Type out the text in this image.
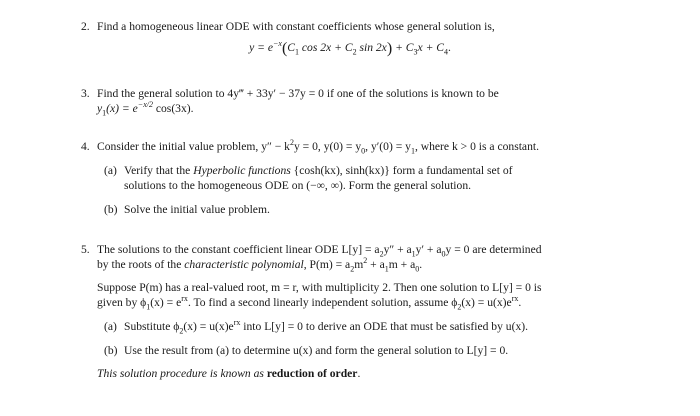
2. Find a homogeneous linear ODE with constant coefficients whose general solution is,
$y = e^{-x}(C_1$ $\cos 2x + C_2$ $\sin 2x) + C_3x + C_4$.
3. Find the general solution to 4y‴ + 33y′ − 37y = 0 if one of the solutions is known to be
$y_1(x) = e^{-x/2}$ cos(3x).
4. Consider the initial value problem, $y'' - k^2y = 0$, $y(0) = y_0$, $y'(0) = y_1$, where k > 0 is a constant.
(a) Verify that the Hyperbolic functions {cosh(kx), sinh(kx)} form a fundamental set of
solutions to the homogeneous ODE on (−∞, ∞). Form the general solution.
(b) Solve the initial value problem.
5. The solutions to the constant coefficient linear ODE $L[y] = a_2y'' + a_1y' + a_0y = 0$ are determined
by the roots of the characteristic polynomial, $P(m) = a_2m^2 + a_1m + a_0$.
Suppose P(m) has a real-valued root, m = r, with multiplicity 2. Then one solution to L[y] = 0 is
given by $\phi_1(x) = e^{rx}$. To find a second linearly independent solution, assume $\phi_2(x) = u(x)e^{rx}$.
(a) Substitute $\phi_2(x) = u(x)e^{rx}$ into L[y] = 0 to derive an ODE that must be satisfied by u(x).
(b) Use the result from (a) to determine u(x) and form the general solution to L[y] = 0.
This solution procedure is known as reduction of order.
